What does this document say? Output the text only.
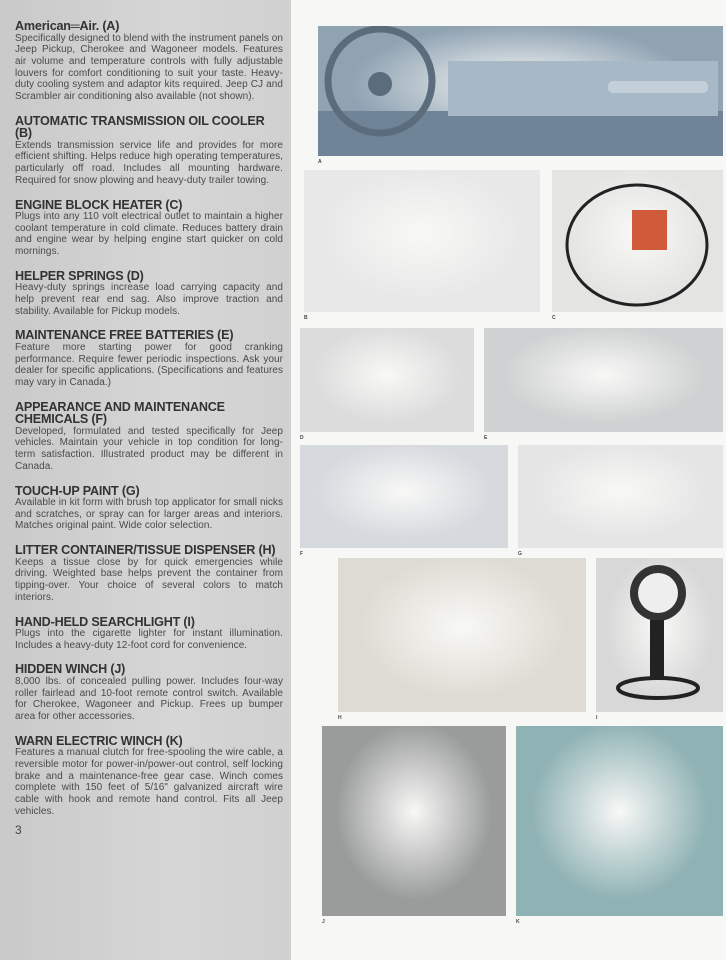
American═Air. (A)

Specifically designed to blend with the instrument panels on Jeep Pickup, Cherokee and Wagoneer models. Features air volume and temperature controls with fully adjustable louvers for comfort conditioning to suit your taste. Heavy-duty cooling system and adaptor kits required. Jeep CJ and Scrambler air conditioning also available (not shown).

AUTOMATIC TRANSMISSION OIL COOLER (B)

Extends transmission service life and provides for more efficient shifting. Helps reduce high operating temperatures, particularly off road. Includes all mounting hardware. Required for snow plowing and heavy-duty trailer towing.

ENGINE BLOCK HEATER (C)

Plugs into any 110 volt electrical outlet to maintain a higher coolant temperature in cold climate. Reduces battery drain and engine wear by helping engine start quicker on cold mornings.

HELPER SPRINGS (D)

Heavy-duty springs increase load carrying capacity and help prevent rear end sag. Also improve traction and stability. Available for Pickup models.

MAINTENANCE FREE BATTERIES (E)

Feature more starting power for good cranking performance. Require fewer periodic inspections. Ask your dealer for specific applications. (Specifications and features may vary in Canada.)

APPEARANCE AND MAINTENANCE CHEMICALS (F)

Developed, formulated and tested specifically for Jeep vehicles. Maintain your vehicle in top condition for long-term satisfaction. Illustrated product may be different in Canada.

TOUCH-UP PAINT (G)

Available in kit form with brush top applicator for small nicks and scratches, or spray can for larger areas and interiors. Matches original paint. Wide color selection.

LITTER CONTAINER/TISSUE DISPENSER (H)

Keeps a tissue close by for quick emergencies while driving. Weighted base helps prevent the container from tipping-over. Your choice of several colors to match interiors.

HAND-HELD SEARCHLIGHT (I)

Plugs into the cigarette lighter for instant illumination. Includes a heavy-duty 12-foot cord for convenience.

HIDDEN WINCH (J)

8,000 lbs. of concealed pulling power. Includes four-way roller fairlead and 10-foot remote control switch. Available for Cherokee, Wagoneer and Pickup. Frees up bumper area for other accessories.

WARN ELECTRIC WINCH (K)

Features a manual clutch for free-spooling the wire cable, a reversible motor for power-in/power-out control, self locking brake and a maintenance-free gear case. Winch comes complete with 150 feet of 5/16" galvanized aircraft wire cable with hook and remote hand control. Fits all Jeep vehicles.

3
A
B	C
D	E
F	G
H	I
J	K
